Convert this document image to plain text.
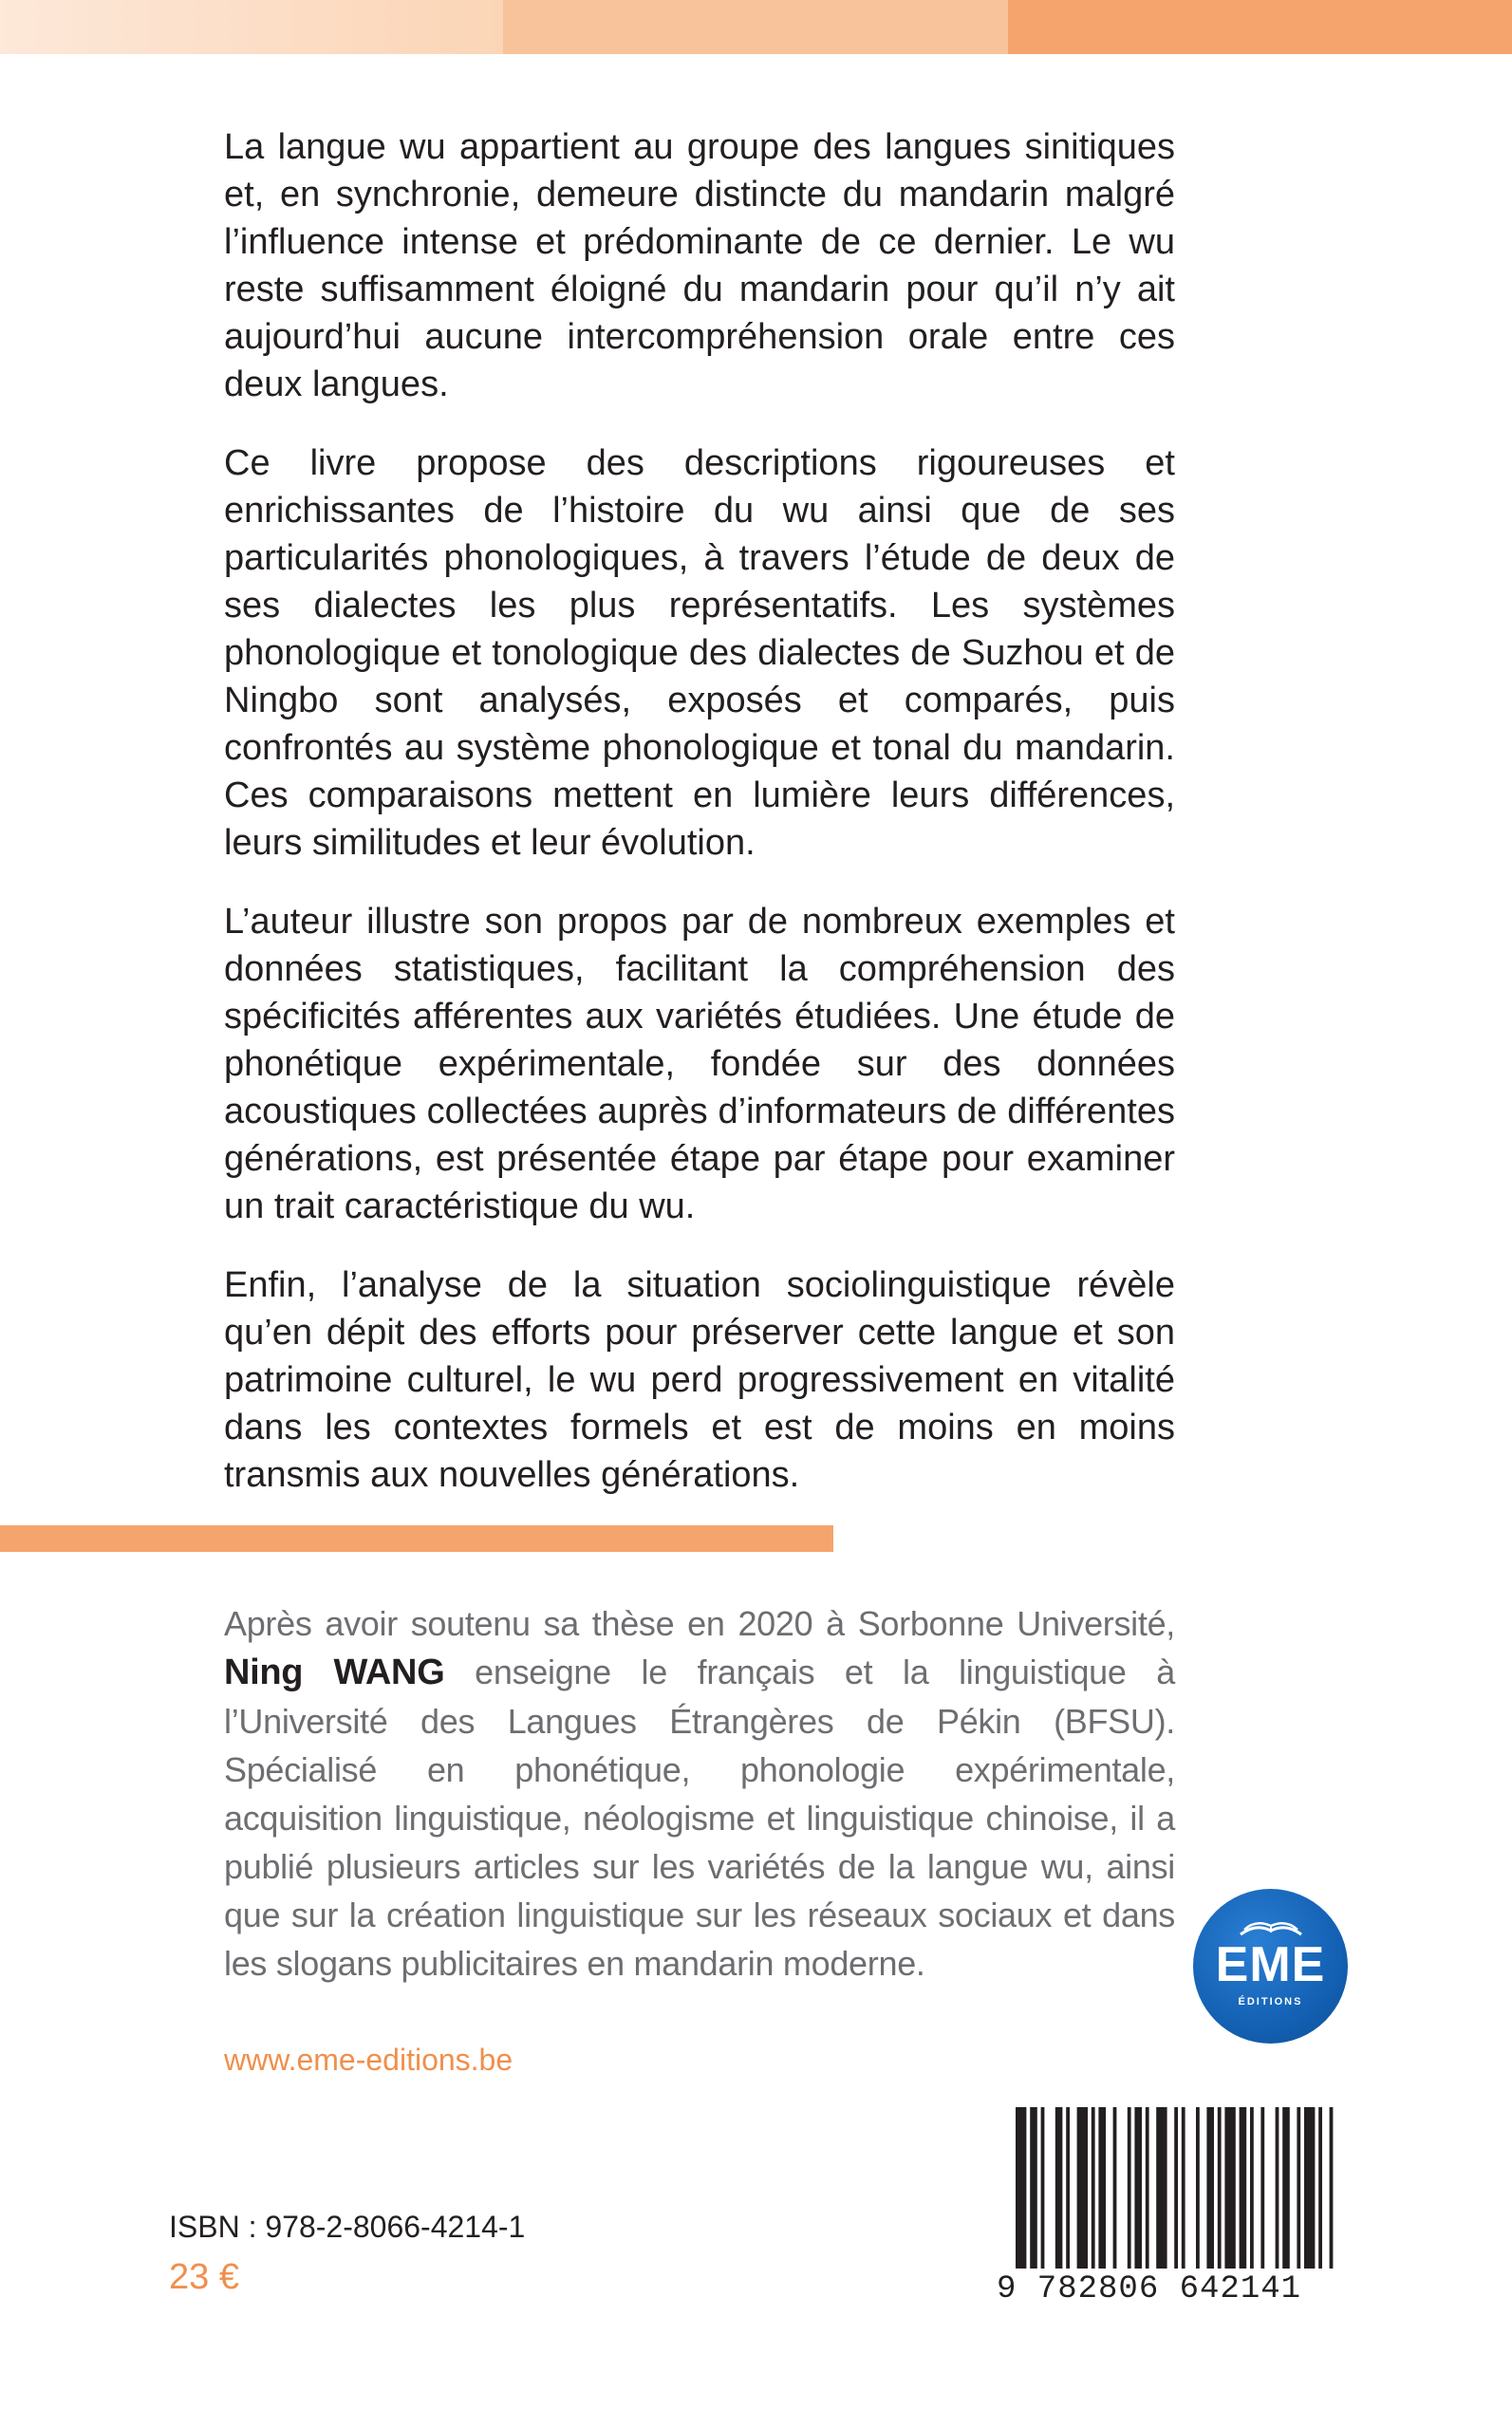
La langue wu appartient au groupe des langues sinitiques et, en synchronie, demeure distincte du mandarin malgré l’influence intense et prédominante de ce dernier. Le wu reste suffisamment éloigné du mandarin pour qu’il n’y ait aujourd’hui aucune intercompréhension orale entre ces deux langues.

Ce livre propose des descriptions rigoureuses et enrichissantes de l’histoire du wu ainsi que de ses particularités phonologiques, à travers l’étude de deux de ses dialectes les plus représentatifs. Les systèmes phonologique et tonologique des dialectes de Suzhou et de Ningbo sont analysés, exposés et comparés, puis confrontés au système phonologique et tonal du mandarin. Ces comparaisons mettent en lumière leurs différences, leurs similitudes et leur évolution.

L’auteur illustre son propos par de nombreux exemples et données statistiques, facilitant la compréhension des spécificités afférentes aux variétés étudiées. Une étude de phonétique expérimentale, fondée sur des données acoustiques collectées auprès d’informateurs de différentes générations, est présentée étape par étape pour examiner un trait caractéristique du wu.

Enfin, l’analyse de la situation sociolinguistique révèle qu’en dépit des efforts pour préserver cette langue et son patrimoine culturel, le wu perd progressivement en vitalité dans les contextes formels et est de moins en moins transmis aux nouvelles générations.

Après avoir soutenu sa thèse en 2020 à Sorbonne Université, Ning WANG enseigne le français et la linguistique à l’Université des Langues Étrangères de Pékin (BFSU). Spécialisé en phonétique, phonologie expérimentale, acquisition linguistique, néologisme et linguistique chinoise, il a publié plusieurs articles sur les variétés de la langue wu, ainsi que sur la création linguistique sur les réseaux sociaux et dans les slogans publicitaires en mandarin moderne.
www.eme-editions.be
EME
ÉDITIONS
ISBN : 978-2-8066-4214-1
23 €	9 782806 642141
